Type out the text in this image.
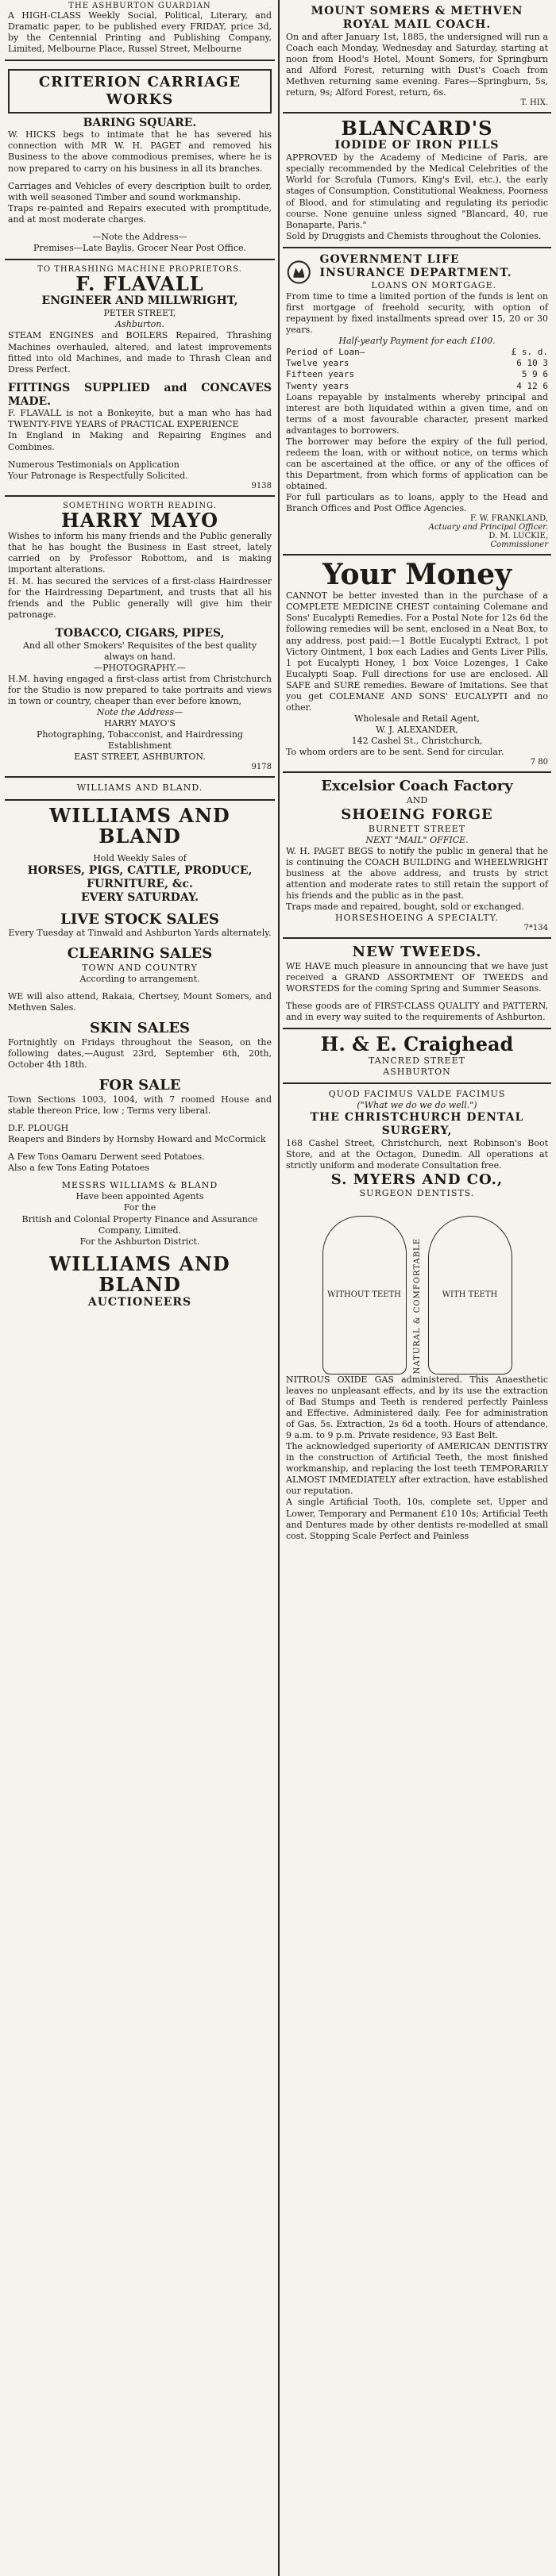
THE ASHBURTON GUARDIAN
A HIGH-CLASS Weekly Social, Political, Literary, and Dramatic paper, to be published every FRIDAY, price 3d, by the Centennial Printing and Publishing Company, Limited, Melbourne Place, Russel Street, Melbourne
CRITERION CARRIAGE WORKS
BARING SQUARE.
W. HICKS begs to intimate that he has severed his connection with MR W. H. PAGET and removed his Business to the above commodious premises, where he is now prepared to carry on his business in all its branches.
Carriages and Vehicles of every description built to order, with well seasoned Timber and sound workmanship.
Traps re-painted and Repairs executed with promptitude, and at most moderate charges.
—Note the Address—
Premises—Late Baylis, Grocer Near Post Office.
TO THRASHING MACHINE PROPRIETORS.
F. FLAVALL
ENGINEER AND MILLWRIGHT,
PETER STREET,
Ashburton.
STEAM ENGINES and BOILERS Repaired, Thrashing Machines overhauled, altered, and latest improvements fitted into old Machines, and made to Thrash Clean and Dress Perfect.
FITTINGS SUPPLIED and CONCAVES MADE.
F. FLAVALL is not a Bonkeyite, but a man who has had TWENTY-FIVE YEARS of PRACTICAL EXPERIENCE
In England in Making and Repairing Engines and Combines.
Numerous Testimonials on Application
Your Patronage is Respectfully Solicited.
9138
SOMETHING WORTH READING.
HARRY MAYO
Wishes to inform his many friends and the Public generally that he has bought the Business in East street, lately carried on by Professor Robottom, and is making important alterations.
H. M. has secured the services of a first-class Hairdresser for the Hairdressing Department, and trusts that all his friends and the Public generally will give him their patronage.
TOBACCO, CIGARS, PIPES,
And all other Smokers' Requisites of the best quality always on hand.
—PHOTOGRAPHY.—
H.M. having engaged a first-class artist from Christchurch for the Studio is now prepared to take portraits and views in town or country, cheaper than ever before known,
Note the Address—
HARRY MAYO'S
Photographing, Tobacconist, and Hairdressing Establishment
EAST STREET, ASHBURTON.
9178
WILLIAMS AND BLAND.
WILLIAMS AND BLAND
Hold Weekly Sales of
HORSES, PIGS, CATTLE, PRODUCE, FURNITURE, &c.
EVERY SATURDAY.
LIVE STOCK SALES
Every Tuesday at Tinwald and Ashburton Yards alternately.
CLEARING SALES
TOWN AND COUNTRY
According to arrangement.
WE will also attend, Rakaia, Chertsey, Mount Somers, and Methven Sales.
SKIN SALES
Fortnightly on Fridays throughout the Season, on the following dates,—August 23rd, September 6th, 20th, October 4th 18th.
FOR SALE
Town Sections 1003, 1004, with 7 roomed House and stable thereon Price, low ; Terms very liberal.
D.F. PLOUGH
Reapers and Binders by Hornsby Howard and McCormick
A Few Tons Oamaru Derwent seed Potatoes.
Also a few Tons Eating Potatoes
MESSRS WILLIAMS & BLAND
Have been appointed Agents
For the
British and Colonial Property Finance and Assurance Company, Limited.
For the Ashburton District.
WILLIAMS AND BLAND
AUCTIONEERS
MOUNT SOMERS & METHVEN
ROYAL MAIL COACH.
On and after January 1st, 1885, the undersigned will run a Coach each Monday, Wednesday and Saturday, starting at noon from Hood's Hotel, Mount Somers, for Springburn and Alford Forest, returning with Dust's Coach from Methven returning same evening. Fares—Springburn, 5s, return, 9s; Alford Forest, return, 6s.
T. HIX.
BLANCARD'S
IODIDE OF IRON PILLS
APPROVED by the Academy of Medicine of Paris, are specially recommended by the Medical Celebrities of the World for Scrofula (Tumors, King's Evil, etc.), the early stages of Consumption, Constitutional Weakness, Poorness of Blood, and for stimulating and regulating its periodic course. None genuine unless signed "Blancard, 40, rue Bonaparte, Paris."
Sold by Druggists and Chemists throughout the Colonies.
GOVERNMENT LIFE INSURANCE DEPARTMENT.
LOANS ON MORTGAGE.
From time to time a limited portion of the funds is lent on first mortgage of freehold security, with option of repayment by fixed installments spread over 15, 20 or 30 years.
Half-yearly Payment for each £100.
Period of Loan—	£ s. d.
Twelve years	6 10 3
Fifteen years	5 9 6
Twenty years	4 12 6
Loans repayable by instalments whereby principal and interest are both liquidated within a given time, and on terms of a most favourable character, present marked advantages to borrowers.
The borrower may before the expiry of the full period, redeem the loan, with or without notice, on terms which can be ascertained at the office, or any of the offices of this Department, from which forms of application can be obtained.
For full particulars as to loans, apply to the Head and Branch Offices and Post Office Agencies.
F. W. FRANKLAND,
Actuary and Principal Officer.
D. M. LUCKIE,
Commissioner
Your Money
CANNOT be better invested than in the purchase of a COMPLETE MEDICINE CHEST containing Colemane and Sons' Eucalypti Remedies. For a Postal Note for 12s 6d the following remedies will be sent, enclosed in a Neat Box, to any address, post paid:—1 Bottle Eucalypti Extract, 1 pot Victory Ointment, 1 box each Ladies and Gents Liver Pills, 1 pot Eucalypti Honey, 1 box Voice Lozenges, 1 Cake Eucalypti Soap. Full directions for use are enclosed. All SAFE and SURE remedies. Beware of Imitations. See that you get COLEMANE AND SONS' EUCALYPTI and no other.
Wholesale and Retail Agent,
W. J. ALEXANDER,
142 Cashel St., Christchurch,
To whom orders are to be sent. Send for circular.
7 80
Excelsior Coach Factory
AND
SHOEING FORGE
BURNETT STREET
NEXT "MAIL" OFFICE.
W. H. PAGET BEGS to notify the public in general that he is continuing the COACH BUILDING and WHEELWRIGHT business at the above address, and trusts by strict attention and moderate rates to still retain the support of his friends and the public as in the past.
Traps made and repaired, bought, sold or exchanged.
HORSESHOEING A SPECIALTY.
7*134
NEW TWEEDS.
WE HAVE much pleasure in announcing that we have just received a GRAND ASSORTMENT OF TWEEDS and WORSTEDS for the coming Spring and Summer Seasons.
These goods are of FIRST-CLASS QUALITY and PATTERN, and in every way suited to the requirements of Ashburton.
H. & E. Craighead
TANCRED STREET
ASHBURTON
QUOD FACIMUS VALDE FACIMUS
("What we do we do well.")
THE CHRISTCHURCH DENTAL SURGERY,
168 Cashel Street, Christchurch, next Robinson's Boot Store, and at the Octagon, Dunedin. All operations at strictly uniform and moderate Consultation free.
S. MYERS AND CO.,
SURGEON DENTISTS.
WITHOUT TEETH NATURAL & COMFORTABLE	WITH TEETH
NITROUS OXIDE GAS administered. This Anaesthetic leaves no unpleasant effects, and by its use the extraction of Bad Stumps and Teeth is rendered perfectly Painless and Effective. Administered daily. Fee for administration of Gas, 5s. Extraction, 2s 6d a tooth. Hours of attendance, 9 a.m. to 9 p.m. Private residence, 93 East Belt.
The acknowledged superiority of AMERICAN DENTISTRY in the construction of Artificial Teeth, the most finished workmanship, and replacing the lost teeth TEMPORARILY ALMOST IMMEDIATELY after extraction, have established our reputation.
A single Artificial Tooth, 10s, complete set, Upper and Lower, Temporary and Permanent £10 10s; Artificial Teeth and Dentures made by other dentists re-modelled at small cost. Stopping Scale Perfect and Painless
